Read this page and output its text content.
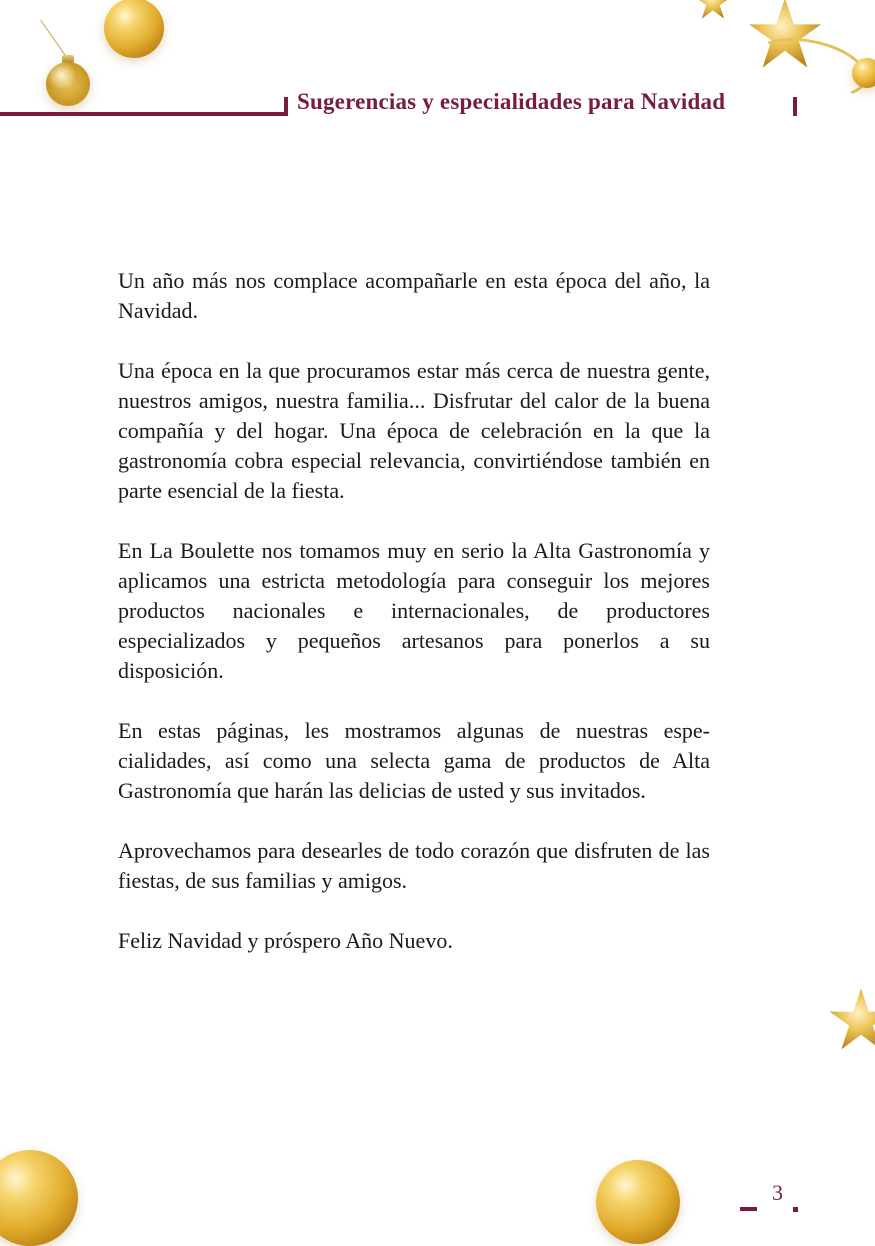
Sugerencias y especialidades para Navidad

Un año más nos complace acompañarle en esta época del año, la Navidad.

Una época en la que procuramos estar más cerca de nuestra gente, nuestros amigos, nuestra familia... Disfrutar del calor de la buena compañía y del hogar. Una época de celebración en la que la gastronomía cobra especial relevancia, convirtiéndose también en parte esencial de la fiesta.

En La Boulette nos tomamos muy en serio la Alta Gastronomía y aplicamos una estricta metodología para conseguir los mejores productos nacionales e internacionales, de productores especializados y pequeños artesanos para ponerlos a su disposición.

En estas páginas, les mostramos algunas de nuestras especialidades, así como una selecta gama de productos de Alta Gastronomía que harán las delicias de usted y sus invitados.

Aprovechamos para desearles de todo corazón que disfruten de las fiestas, de sus familias y amigos.

Feliz Navidad y próspero Año Nuevo.

3
